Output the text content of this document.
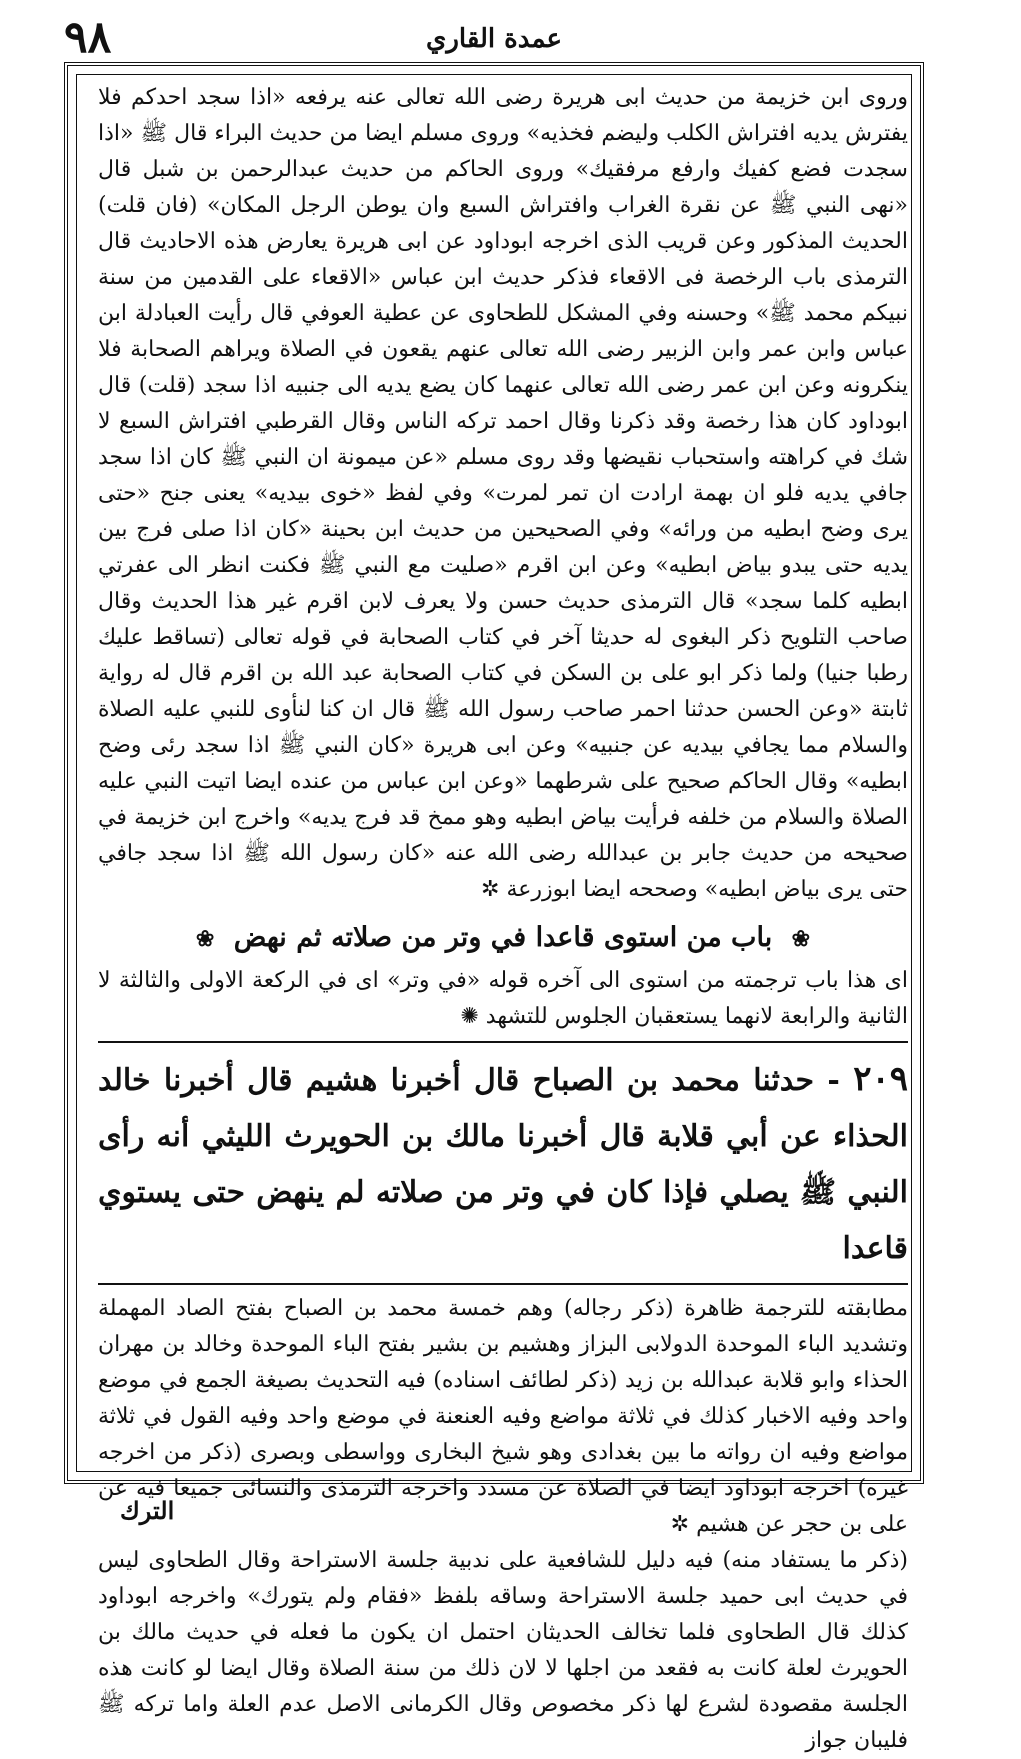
٩٨	عمدة القاري

وروى ابن خزيمة من حديث ابى هريرة رضى الله تعالى عنه يرفعه «اذا سجد احدكم فلا يفترش يديه افتراش الكلب وليضم فخذيه» وروى مسلم ايضا من حديث البراء قال ﷺ «اذا سجدت فضع كفيك وارفع مرفقيك» وروى الحاكم من حديث عبدالرحمن بن شبل قال «نهى النبي ﷺ عن نقرة الغراب وافتراش السبع وان يوطن الرجل المكان» (فان قلت) الحديث المذكور وعن قريب الذى اخرجه ابوداود عن ابى هريرة يعارض هذه الاحاديث قال الترمذى باب الرخصة فى الاقعاء فذكر حديث ابن عباس «الاقعاء على القدمين من سنة نبيكم محمد ﷺ» وحسنه وفي المشكل للطحاوى عن عطية العوفي قال رأيت العبادلة ابن عباس وابن عمر وابن الزبير رضى الله تعالى عنهم يقعون في الصلاة ويراهم الصحابة فلا ينكرونه وعن ابن عمر رضى الله تعالى عنهما كان يضع يديه الى جنبيه اذا سجد (قلت) قال ابوداود كان هذا رخصة وقد ذكرنا وقال احمد تركه الناس وقال القرطبي افتراش السبع لا شك في كراهته واستحباب نقيضها وقد روى مسلم «عن ميمونة ان النبي ﷺ كان اذا سجد جافي يديه فلو ان بهمة ارادت ان تمر لمرت» وفي لفظ «خوى بيديه» يعنى جنح «حتى يرى وضح ابطيه من ورائه» وفي الصحيحين من حديث ابن بحينة «كان اذا صلى فرج بين يديه حتى يبدو بياض ابطيه» وعن ابن اقرم «صليت مع النبي ﷺ فكنت انظر الى عفرتي ابطيه كلما سجد» قال الترمذى حديث حسن ولا يعرف لابن اقرم غير هذا الحديث وقال صاحب التلويح ذكر البغوى له حديثا آخر في كتاب الصحابة في قوله تعالى (تساقط عليك رطبا جنيا) ولما ذكر ابو على بن السكن في كتاب الصحابة عبد الله بن اقرم قال له رواية ثابتة «وعن الحسن حدثنا احمر صاحب رسول الله ﷺ قال ان كنا لنأوى للنبي عليه الصلاة والسلام مما يجافي بيديه عن جنبيه» وعن ابى هريرة «كان النبي ﷺ اذا سجد رئى وضح ابطيه» وقال الحاكم صحيح على شرطهما «وعن ابن عباس من عنده ايضا اتيت النبي عليه الصلاة والسلام من خلفه فرأيت بياض ابطيه وهو ممخ قد فرج يديه» واخرج ابن خزيمة في صحيحه من حديث جابر بن عبدالله رضى الله عنه «كان رسول الله ﷺ اذا سجد جافي حتى يرى بياض ابطيه» وصححه ايضا ابوزرعة ✲

❀ باب من استوى قاعدا في وتر من صلاته ثم نهض ❀

اى هذا باب ترجمته من استوى الى آخره قوله «في وتر» اى في الركعة الاولى والثالثة لا الثانية والرابعة لانهما يستعقبان الجلوس للتشهد ✺

٢٠٩ - حدثنا محمد بن الصباح قال أخبرنا هشيم قال أخبرنا خالد الحذاء عن أبي قلابة قال أخبرنا مالك بن الحويرث الليثي أنه رأى النبي ﷺ يصلي فإذا كان في وتر من صلاته لم ينهض حتى يستوي قاعدا

مطابقته للترجمة ظاهرة (ذكر رجاله) وهم خمسة محمد بن الصباح بفتح الصاد المهملة وتشديد الباء الموحدة الدولابى البزاز وهشيم بن بشير بفتح الباء الموحدة وخالد بن مهران الحذاء وابو قلابة عبدالله بن زيد (ذكر لطائف اسناده) فيه التحديث بصيغة الجمع في موضع واحد وفيه الاخبار كذلك في ثلاثة مواضع وفيه العنعنة في موضع واحد وفيه القول في ثلاثة مواضع وفيه ان رواته ما بين بغدادى وهو شيخ البخارى وواسطى وبصرى (ذكر من اخرجه غيره) اخرجه ابوداود ايضا في الصلاة عن مسدد واخرجه الترمذى والنسائى جميعا فيه عن على بن حجر عن هشيم ✲

(ذكر ما يستفاد منه) فيه دليل للشافعية على ندبية جلسة الاستراحة وقال الطحاوى ليس في حديث ابى حميد جلسة الاستراحة وساقه بلفظ «فقام ولم يتورك» واخرجه ابوداود كذلك قال الطحاوى فلما تخالف الحديثان احتمل ان يكون ما فعله في حديث مالك بن الحويرث لعلة كانت به فقعد من اجلها لا لان ذلك من سنة الصلاة وقال ايضا لو كانت هذه الجلسة مقصودة لشرع لها ذكر مخصوص وقال الكرمانى الاصل عدم العلة واما تركه ﷺ فليبان جواز

الترك
